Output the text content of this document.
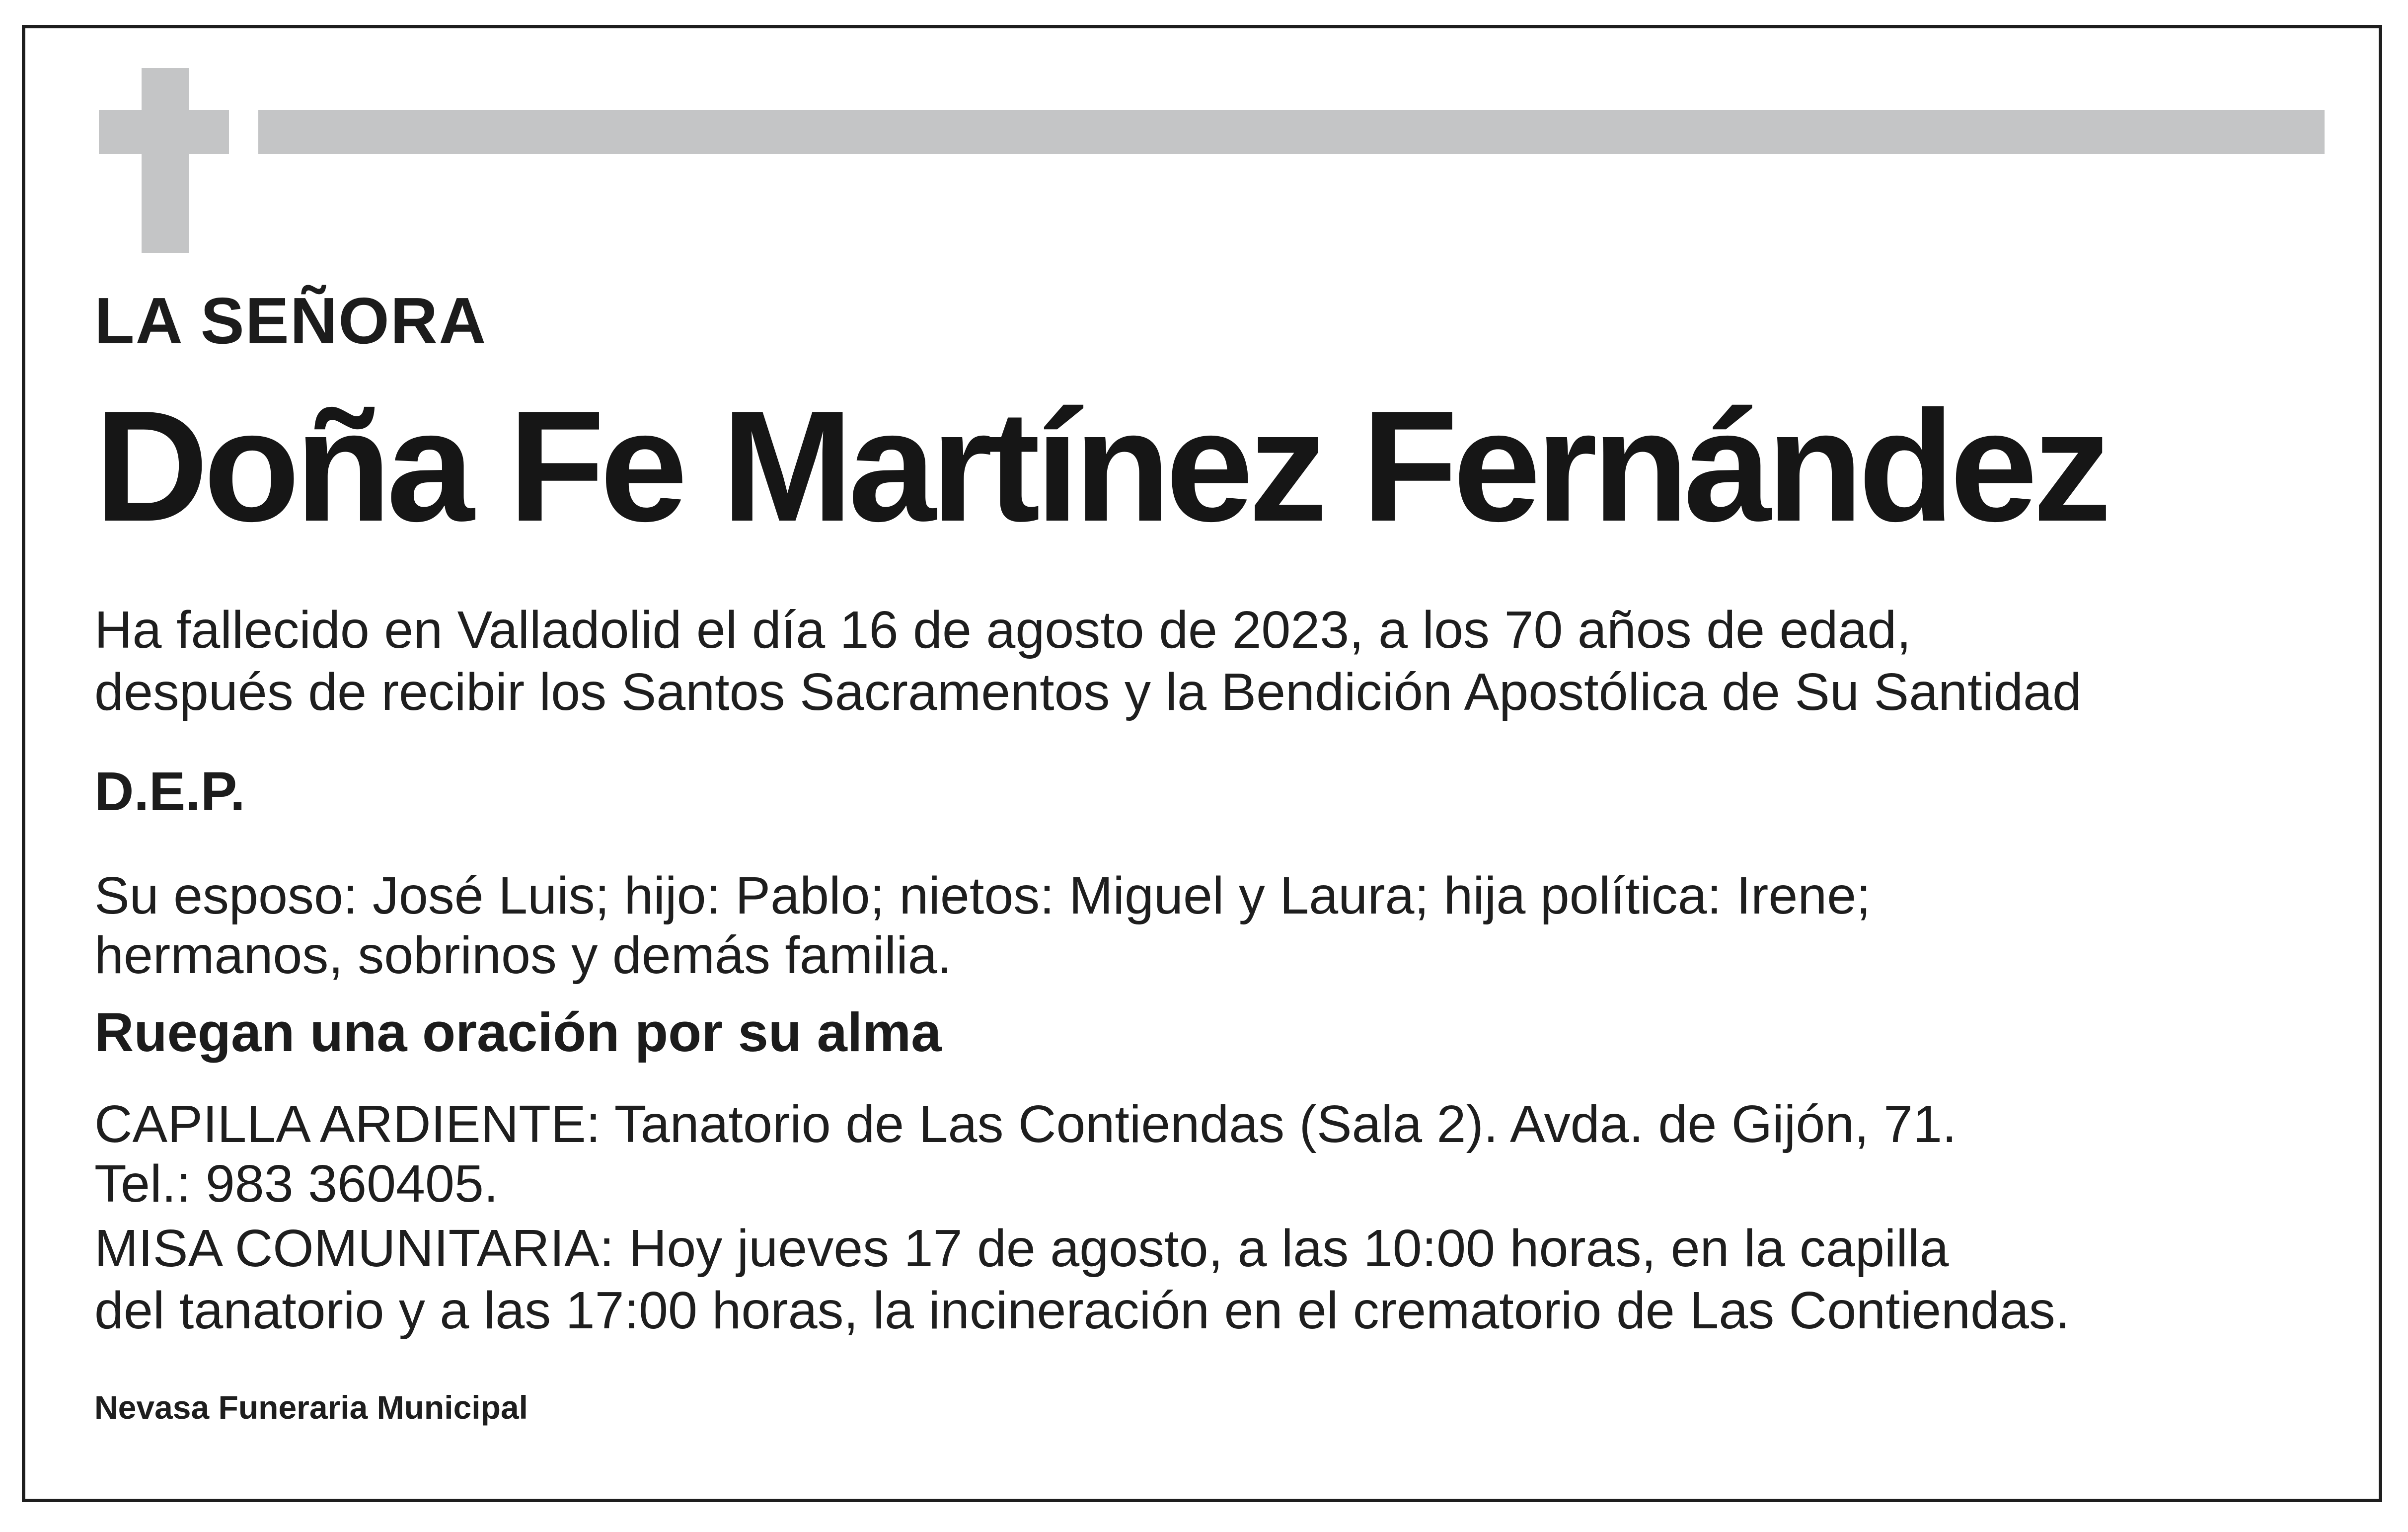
LA SEÑORA

Doña Fe Martínez Fernández

Ha fallecido en Valladolid el día 16 de agosto de 2023, a los 70 años de edad,

después de recibir los Santos Sacramentos y la Bendición Apostólica de Su Santidad

D.E.P.

Su esposo: José Luis; hijo: Pablo; nietos: Miguel y Laura; hija política: Irene;

hermanos, sobrinos y demás familia.

Ruegan una oración por su alma

CAPILLA ARDIENTE: Tanatorio de Las Contiendas (Sala 2). Avda. de Gijón, 71.

Tel.: 983 360405.

MISA COMUNITARIA: Hoy jueves 17 de agosto, a las 10:00 horas, en la capilla

del tanatorio y a las 17:00 horas, la incineración en el crematorio de Las Contiendas.

Nevasa Funeraria Municipal
